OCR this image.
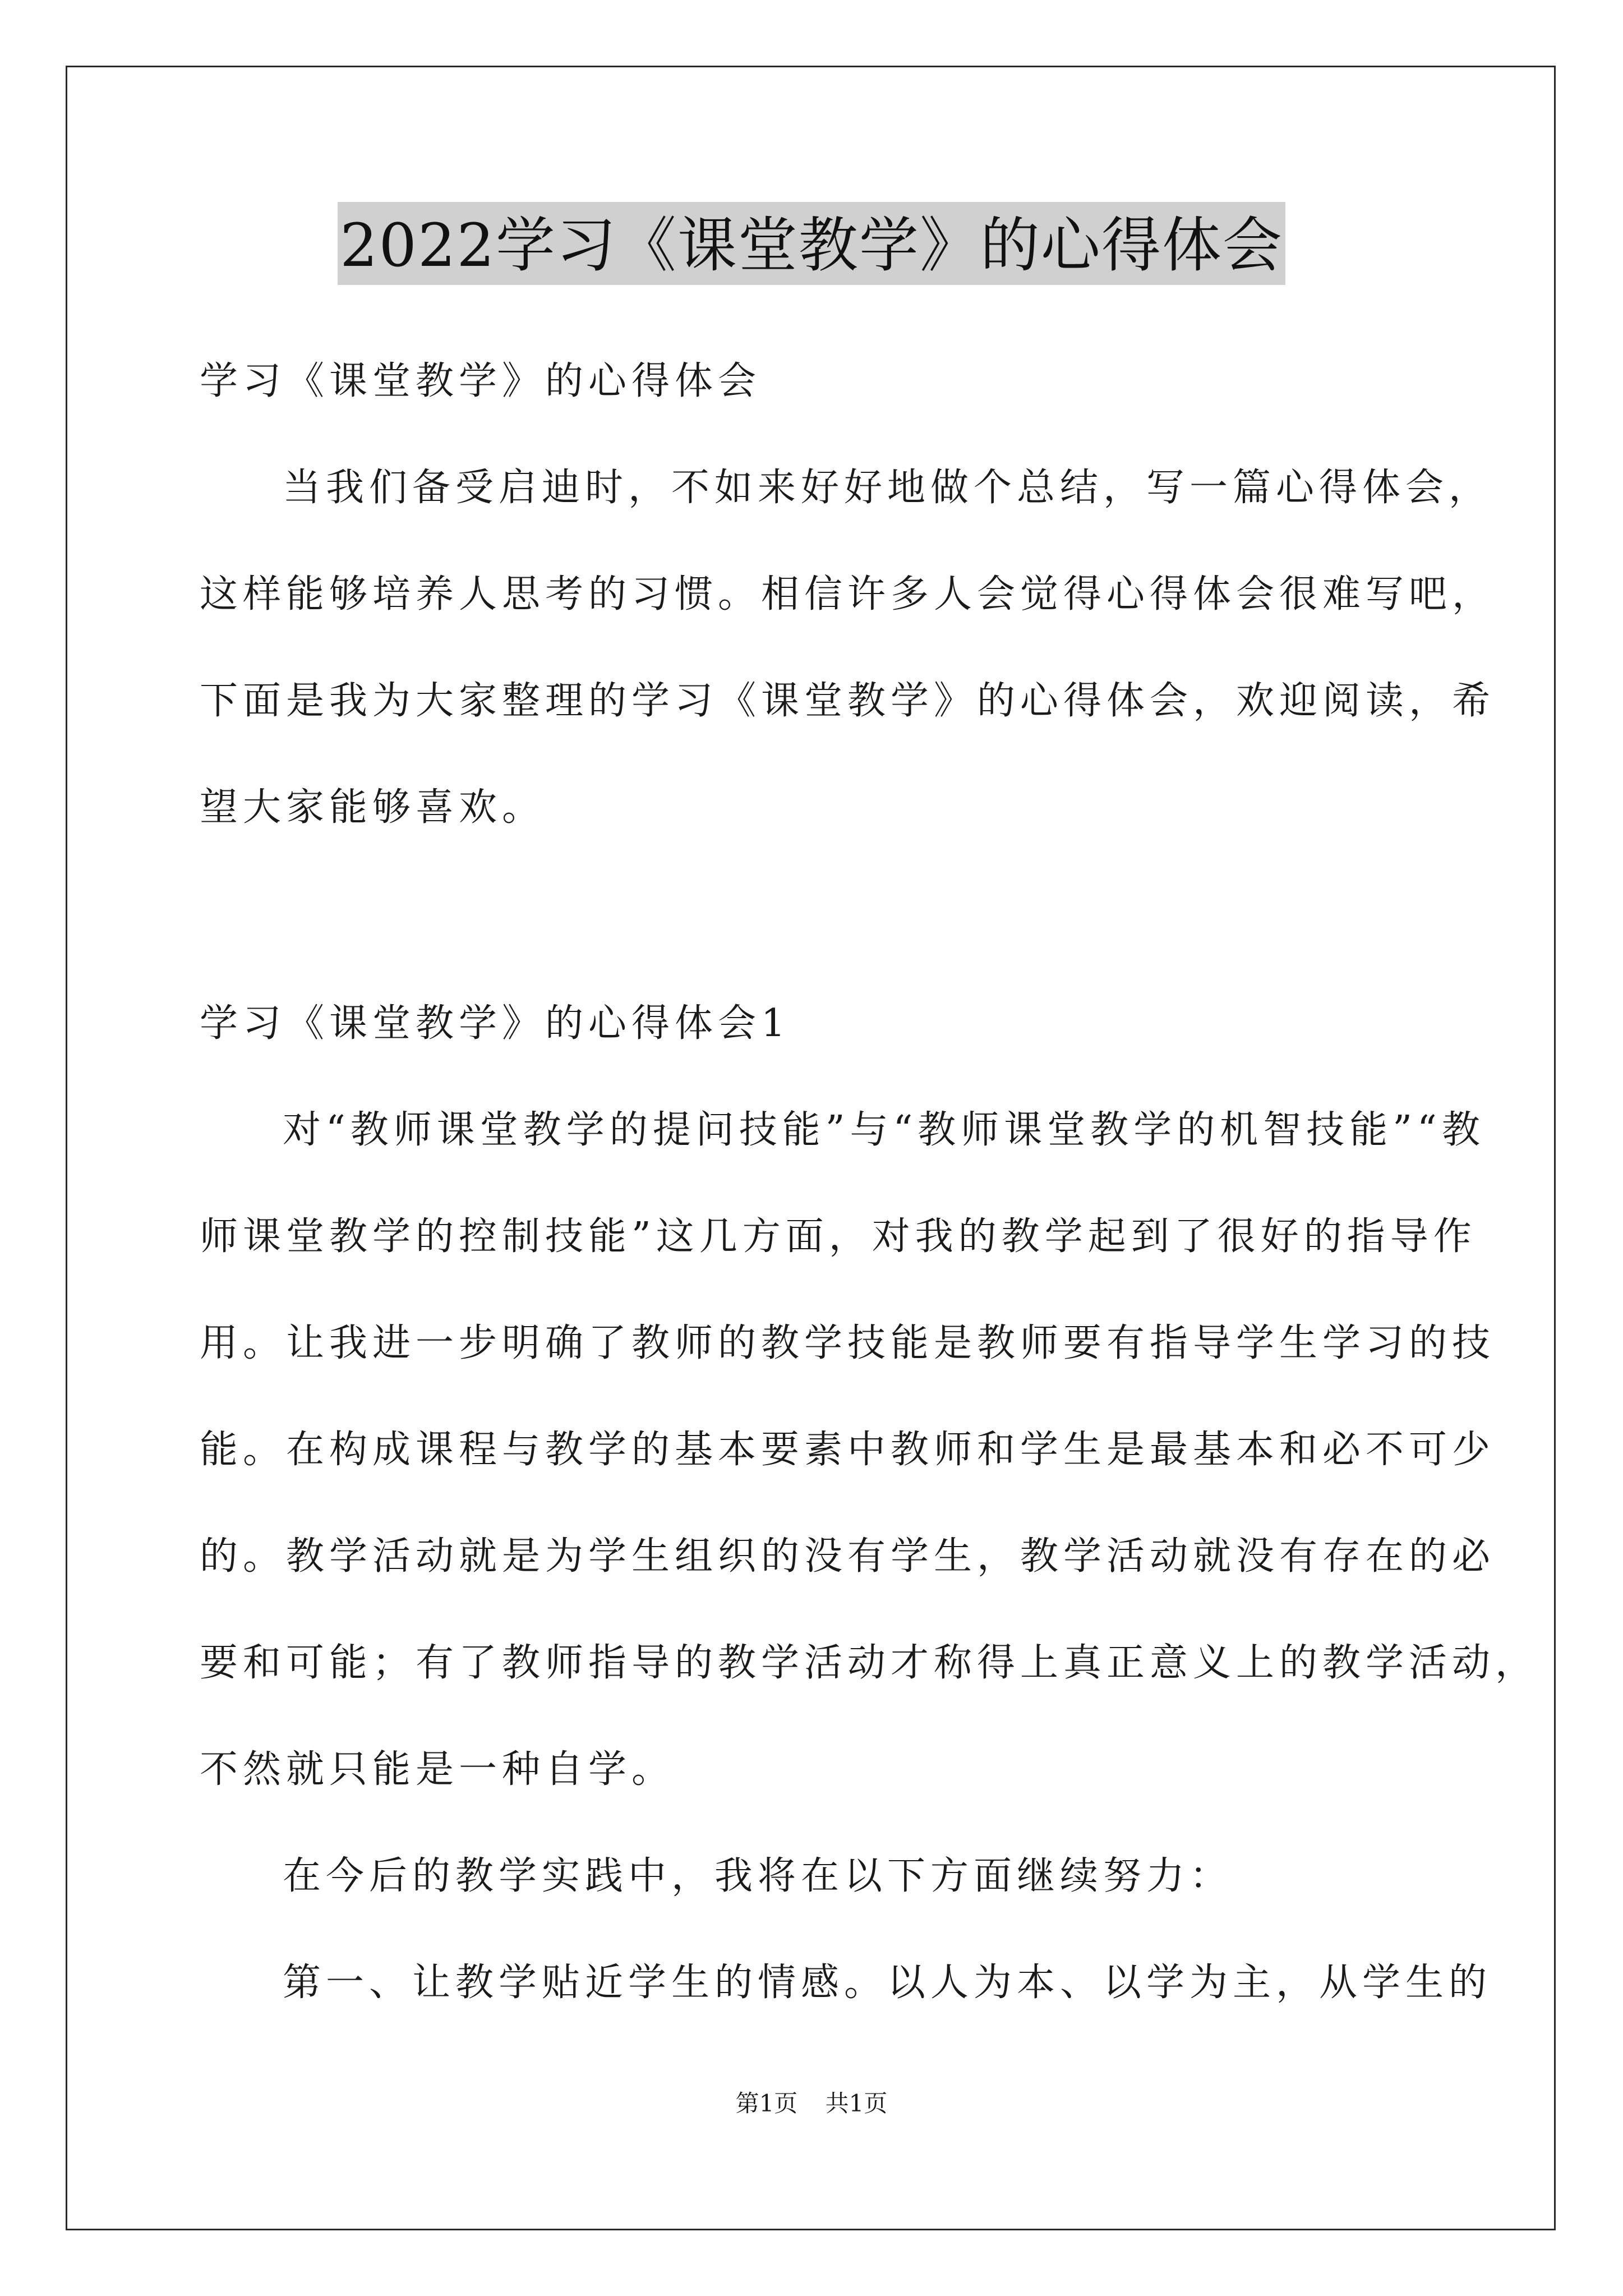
2022学习《课堂教学》的心得体会
学习《课堂教学》的心得体会
当我们备受启迪时，不如来好好地做个总结，写一篇心得体会，
这样能够培养人思考的习惯。相信许多人会觉得心得体会很难写吧，
下面是我为大家整理的学习《课堂教学》的心得体会，欢迎阅读，希
望大家能够喜欢。
学习《课堂教学》的心得体会1
对“教师课堂教学的提问技能”与“教师课堂教学的机智技能”“教
师课堂教学的控制技能”这几方面，对我的教学起到了很好的指导作
用。让我进一步明确了教师的教学技能是教师要有指导学生学习的技
能。在构成课程与教学的基本要素中教师和学生是最基本和必不可少
的。教学活动就是为学生组织的没有学生，教学活动就没有存在的必
要和可能；有了教师指导的教学活动才称得上真正意义上的教学活动，
不然就只能是一种自学。
在今后的教学实践中，我将在以下方面继续努力：
第一、让教学贴近学生的情感。以人为本、以学为主，从学生的
第1页 共1页
